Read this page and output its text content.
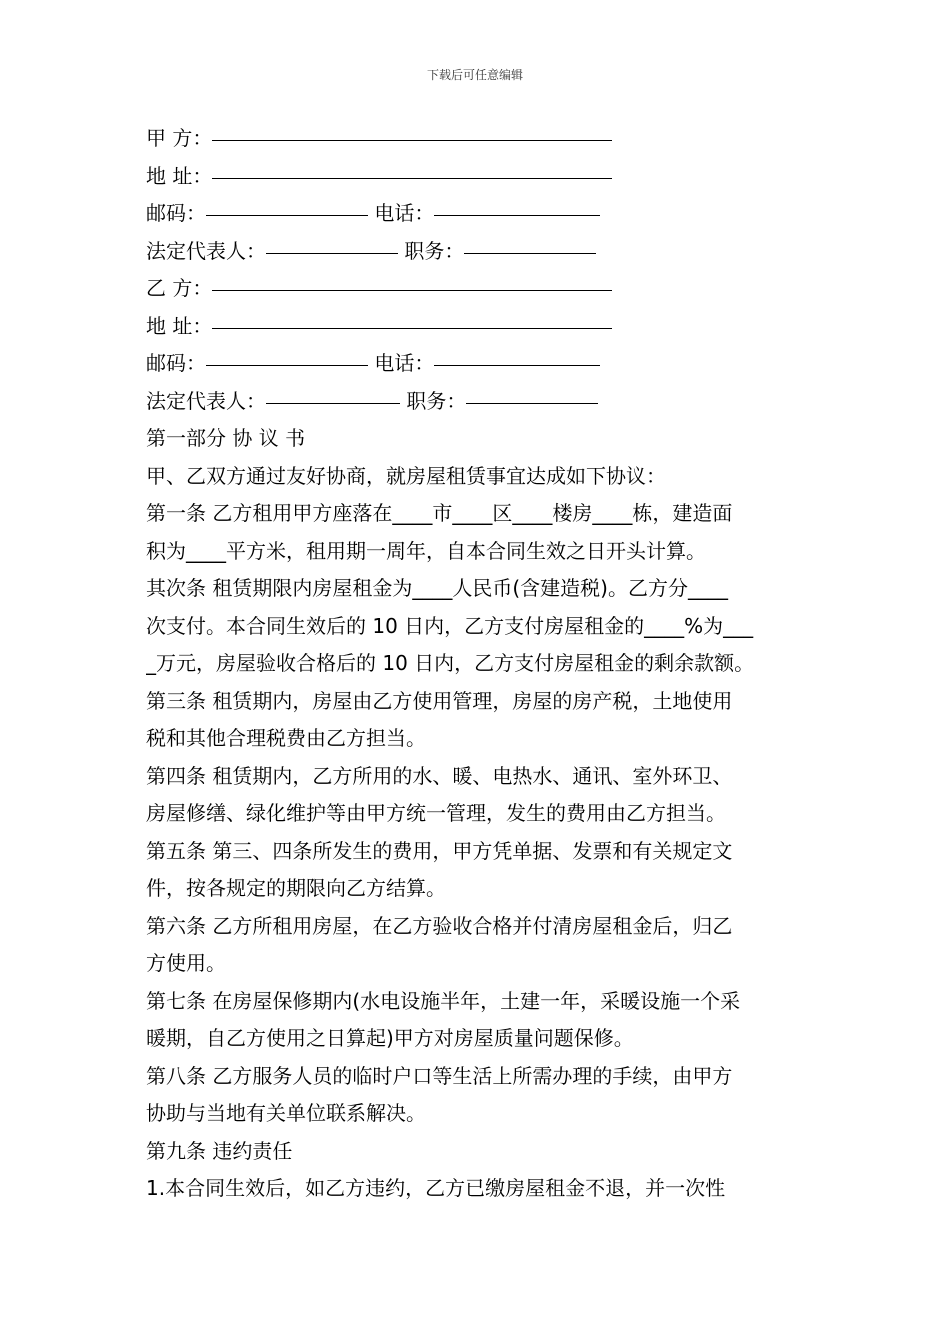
下载后可任意编辑
甲 方：
地 址：
邮码：	电话：
法定代表人：	职务：
乙 方：
地 址：
邮码：	电话：
法定代表人：	职务：
第一部分 协 议 书
甲、乙双方通过友好协商，就房屋租赁事宜达成如下协议：
第一条 乙方租用甲方座落在____市____区____楼房____栋，建造面
积为____平方米，租用期一周年，自本合同生效之日开头计算。
其次条 租赁期限内房屋租金为____人民币(含建造税)。乙方分____
次支付。本合同生效后的 10 日内，乙方支付房屋租金的____%为___
_万元，房屋验收合格后的 10 日内，乙方支付房屋租金的剩余款额。
第三条 租赁期内，房屋由乙方使用管理，房屋的房产税，土地使用
税和其他合理税费由乙方担当。
第四条 租赁期内，乙方所用的水、暖、电热水、通讯、室外环卫、
房屋修缮、绿化维护等由甲方统一管理，发生的费用由乙方担当。
第五条 第三、四条所发生的费用，甲方凭单据、发票和有关规定文
件，按各规定的期限向乙方结算。
第六条 乙方所租用房屋，在乙方验收合格并付清房屋租金后，归乙
方使用。
第七条 在房屋保修期内(水电设施半年，土建一年，采暖设施一个采
暖期，自乙方使用之日算起)甲方对房屋质量问题保修。
第八条 乙方服务人员的临时户口等生活上所需办理的手续，由甲方
协助与当地有关单位联系解决。
第九条 违约责任
1.本合同生效后，如乙方违约，乙方已缴房屋租金不退，并一次性
